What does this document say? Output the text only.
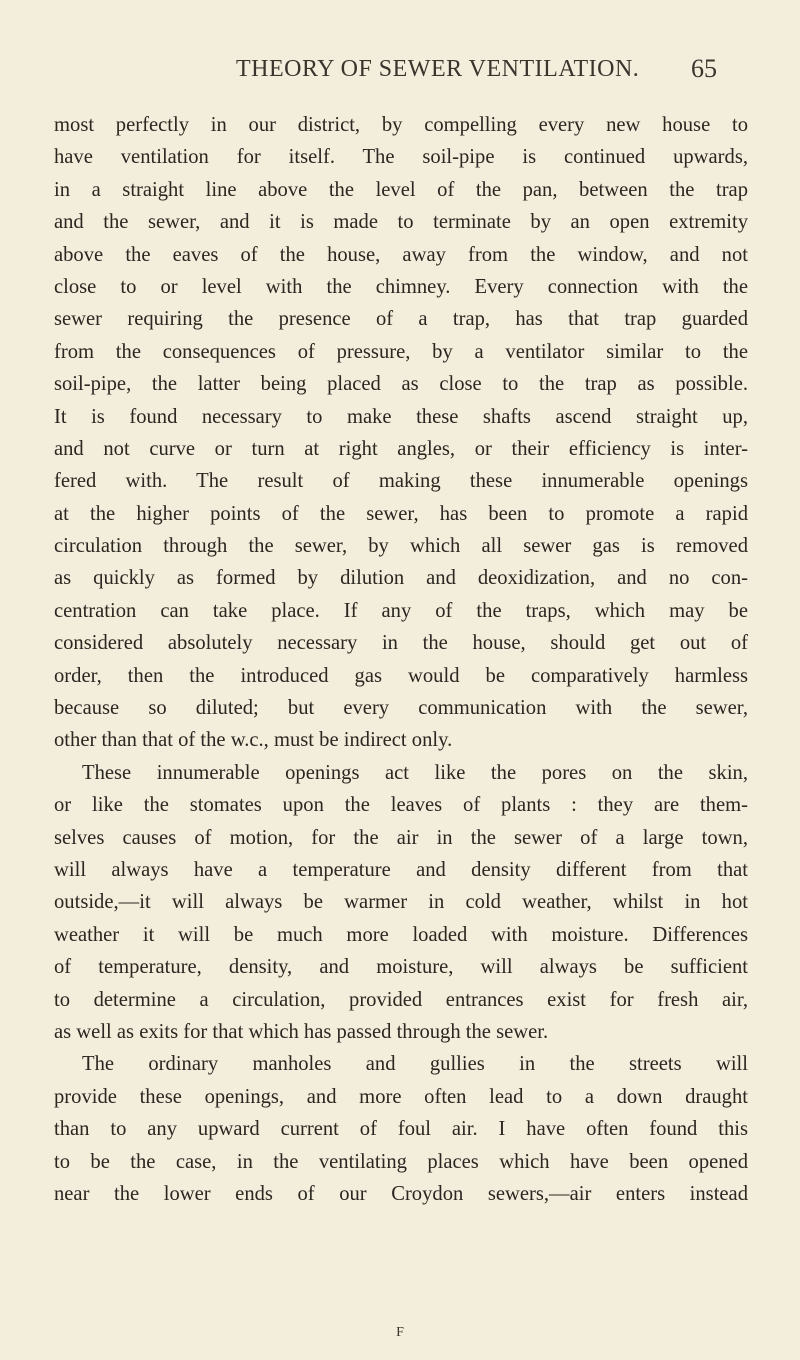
THEORY OF SEWER VENTILATION. 65
most perfectly in our district, by compelling every new house to
have ventilation for itself. The soil-pipe is continued upwards,
in a straight line above the level of the pan, between the trap
and the sewer, and it is made to terminate by an open extremity
above the eaves of the house, away from the window, and not
close to or level with the chimney. Every connection with the
sewer requiring the presence of a trap, has that trap guarded
from the consequences of pressure, by a ventilator similar to the
soil-pipe, the latter being placed as close to the trap as possible.
It is found necessary to make these shafts ascend straight up,
and not curve or turn at right angles, or their efficiency is inter-
fered with. The result of making these innumerable openings
at the higher points of the sewer, has been to promote a rapid
circulation through the sewer, by which all sewer gas is removed
as quickly as formed by dilution and deoxidization, and no con-
centration can take place. If any of the traps, which may be
considered absolutely necessary in the house, should get out of
order, then the introduced gas would be comparatively harmless
because so diluted; but every communication with the sewer,
other than that of the w.c., must be indirect only.
These innumerable openings act like the pores on the skin,
or like the stomates upon the leaves of plants : they are them-
selves causes of motion, for the air in the sewer of a large town,
will always have a temperature and density different from that
outside,—it will always be warmer in cold weather, whilst in hot
weather it will be much more loaded with moisture. Differences
of temperature, density, and moisture, will always be sufficient
to determine a circulation, provided entrances exist for fresh air,
as well as exits for that which has passed through the sewer.
The ordinary manholes and gullies in the streets will
provide these openings, and more often lead to a down draught
than to any upward current of foul air. I have often found this
to be the case, in the ventilating places which have been opened
near the lower ends of our Croydon sewers,—air enters instead
F
